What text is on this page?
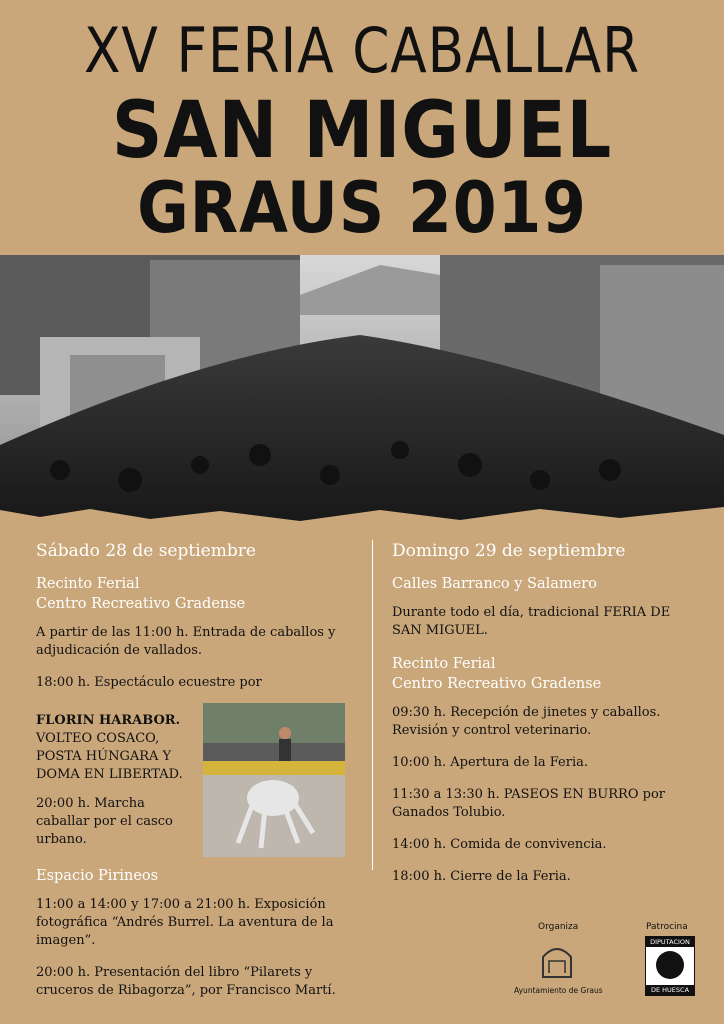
XV FERIA CABALLAR
SAN MIGUEL
GRAUS 2019
Sábado 28 de septiembre
Recinto Ferial
Centro Recreativo Gradense
A partir de las 11:00 h. Entrada de caballos y adjudicación de vallados.
18:00 h. Espectáculo ecuestre por
FLORIN HARABOR.
VOLTEO COSACO, POSTA HÚNGARA Y DOMA EN LIBERTAD.
20:00 h. Marcha caballar por el casco urbano.
Espacio Pirineos
11:00 a 14:00 y 17:00 a 21:00 h. Exposición fotográfica “Andrés Burrel. La aventura de la imagen”.
20:00 h. Presentación del libro “Pilarets y cruceros de Ribagorza”, por Francisco Martí.
Domingo 29 de septiembre
Calles Barranco y Salamero
Durante todo el día, tradicional FERIA DE SAN MIGUEL.
Recinto Ferial
Centro Recreativo Gradense
09:30 h. Recepción de jinetes y caballos. Revisión y control veterinario.
10:00 h. Apertura de la Feria.
11:30 a 13:30 h. PASEOS EN BURRO por Ganados Tolubio.
14:00 h. Comida de convivencia.
18:00 h. Cierre de la Feria.
Organiza
Ayuntamiento de Graus
Patrocina
DIPUTACION
DE HUESCA
